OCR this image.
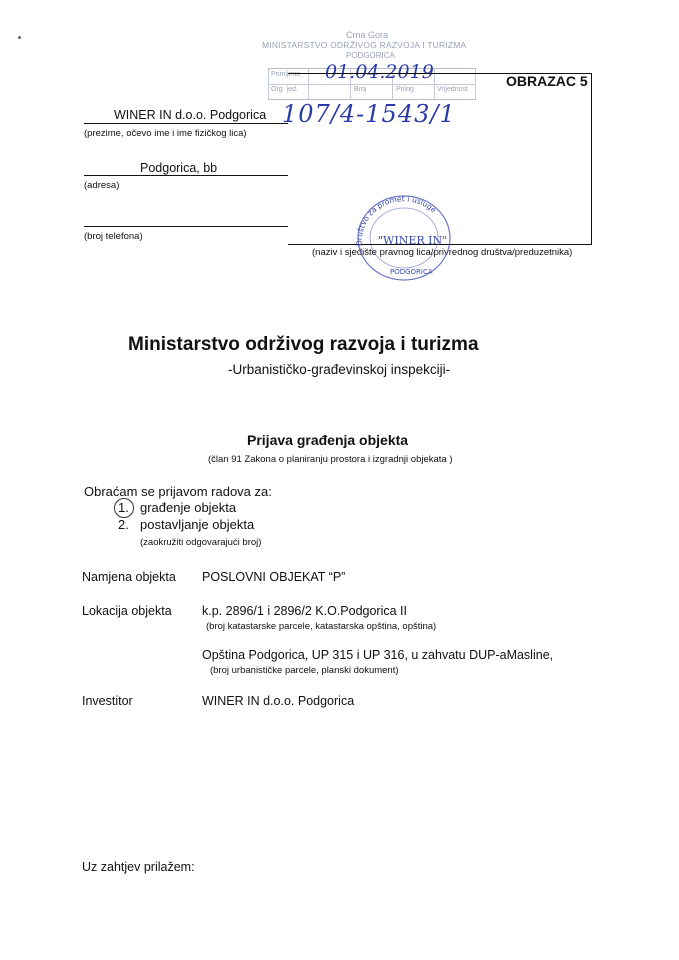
Crna Gora
MINISTARSTVO ODRŽIVOG RAZVOJA I TURIZMA
PODGORICA
Primljeno
Org. jed.	Broj	Prilog	Vrijednost
01.04.2019	OBRAZAC 5
WINER IN d.o.o. Podgorica
(prezime, očevo ime i ime fizičkog lica)
107/4-1543/1
Podgorica, bb
(adresa)
(broj telefona)
(naziv i sjedište pravnog lica/privrednog društva/preduzetnika)
Društvo za promet i usluge
"WINER IN"
PODGORICA
Ministarstvo održivog razvoja i turizma
-Urbanističko-građevinskoj inspekciji-
Prijava građenja objekta
(član 91 Zakona o planiranju prostora i izgradnji objekata )
Obraćam se prijavom radova za:
1. građenje objekta
2. postavljanje objekta
(zaokružiti odgovarajući broj)
Namjena objekta POSLOVNI OBJEKAT “P”
Lokacija objekta k.p. 2896/1 i 2896/2 K.O.Podgorica II
(broj katastarske parcele, katastarska opština, opština)
Opština Podgorica, UP 315 i UP 316, u zahvatu DUP-aMasline,
(broj urbanističke parcele, planski dokument)
Investitor	WINER IN d.o.o. Podgorica
Uz zahtjev prilažem:
